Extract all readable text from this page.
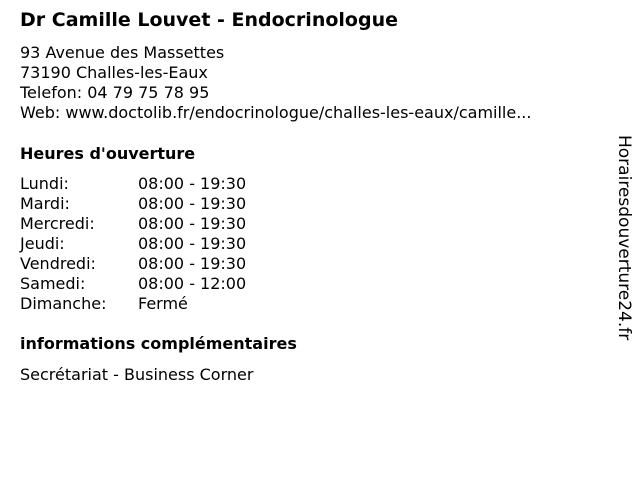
Dr Camille Louvet - Endocrinologue
93 Avenue des Massettes
73190 Challes-les-Eaux
Telefon: 04 79 75 78 95
Web: www.doctolib.fr/endocrinologue/challes-les-eaux/camille...
Heures d'ouverture
Lundi:	08:00 - 19:30
Mardi:	08:00 - 19:30
Mercredi:	08:00 - 19:30
Jeudi:	08:00 - 19:30
Vendredi:	08:00 - 19:30
Samedi:	08:00 - 12:00
Dimanche: Fermé
informations complémentaires
Secrétariat - Business Corner
Horairesdouverture24.fr
